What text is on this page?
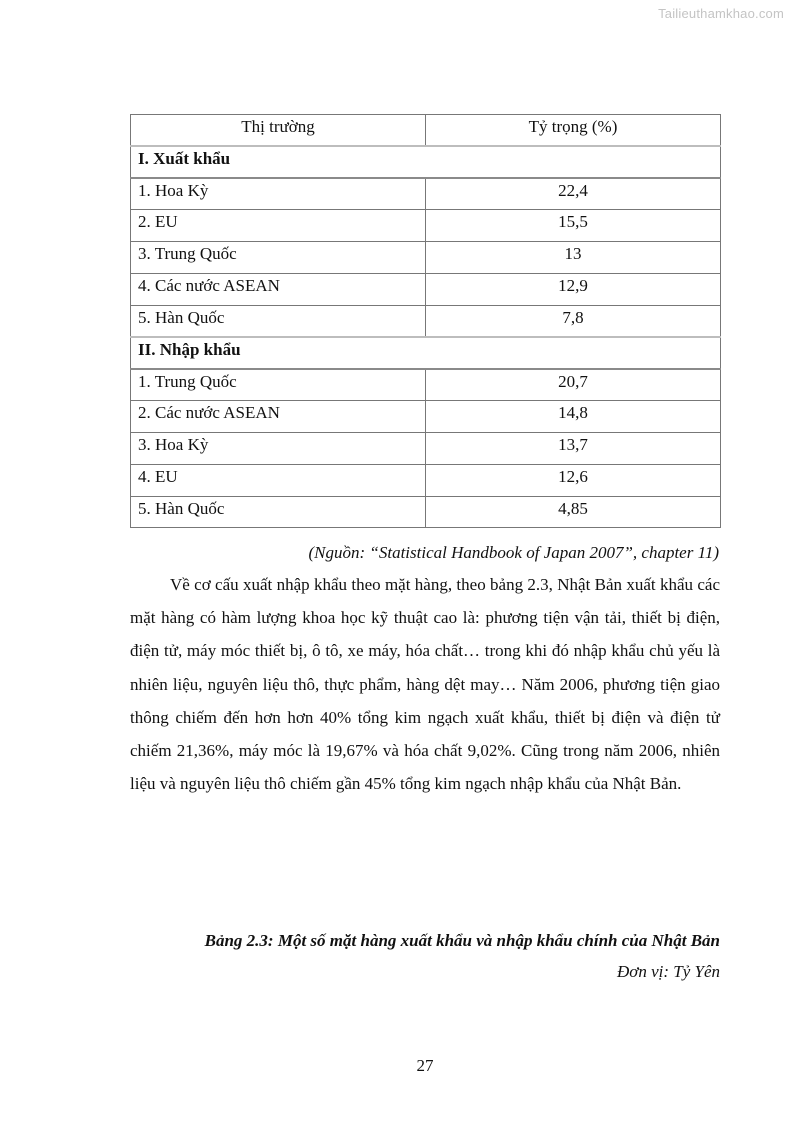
Tailieuthamkhao.com
Thị trường	Tỷ trọng (%)
I. Xuất khẩu	
1. Hoa Kỳ	22,4
2. EU	15,5
3. Trung Quốc	13
4. Các nước ASEAN	12,9
5. Hàn Quốc	7,8
II. Nhập khẩu	
1. Trung Quốc	20,7
2. Các nước ASEAN	14,8
3. Hoa Kỳ	13,7
4. EU	12,6
5. Hàn Quốc	4,85
(Nguồn: “Statistical Handbook of Japan 2007”, chapter 11)

Về cơ cấu xuất nhập khẩu theo mặt hàng, theo bảng 2.3, Nhật Bản xuất khẩu các mặt hàng có hàm lượng khoa học kỹ thuật cao là: phương tiện vận tải, thiết bị điện, điện tử, máy móc thiết bị, ô tô, xe máy, hóa chất… trong khi đó nhập khẩu chủ yếu là nhiên liệu, nguyên liệu thô, thực phẩm, hàng dệt may… Năm 2006, phương tiện giao thông chiếm đến hơn hơn 40% tổng kim ngạch xuất khẩu, thiết bị điện và điện tử chiếm 21,36%, máy móc là 19,67% và hóa chất 9,02%. Cũng trong năm 2006, nhiên liệu và nguyên liệu thô chiếm gần 45% tổng kim ngạch nhập khẩu của Nhật Bản.

Bảng 2.3: Một số mặt hàng xuất khẩu và nhập khẩu chính của Nhật Bản
Đơn vị: Tỷ Yên
27
